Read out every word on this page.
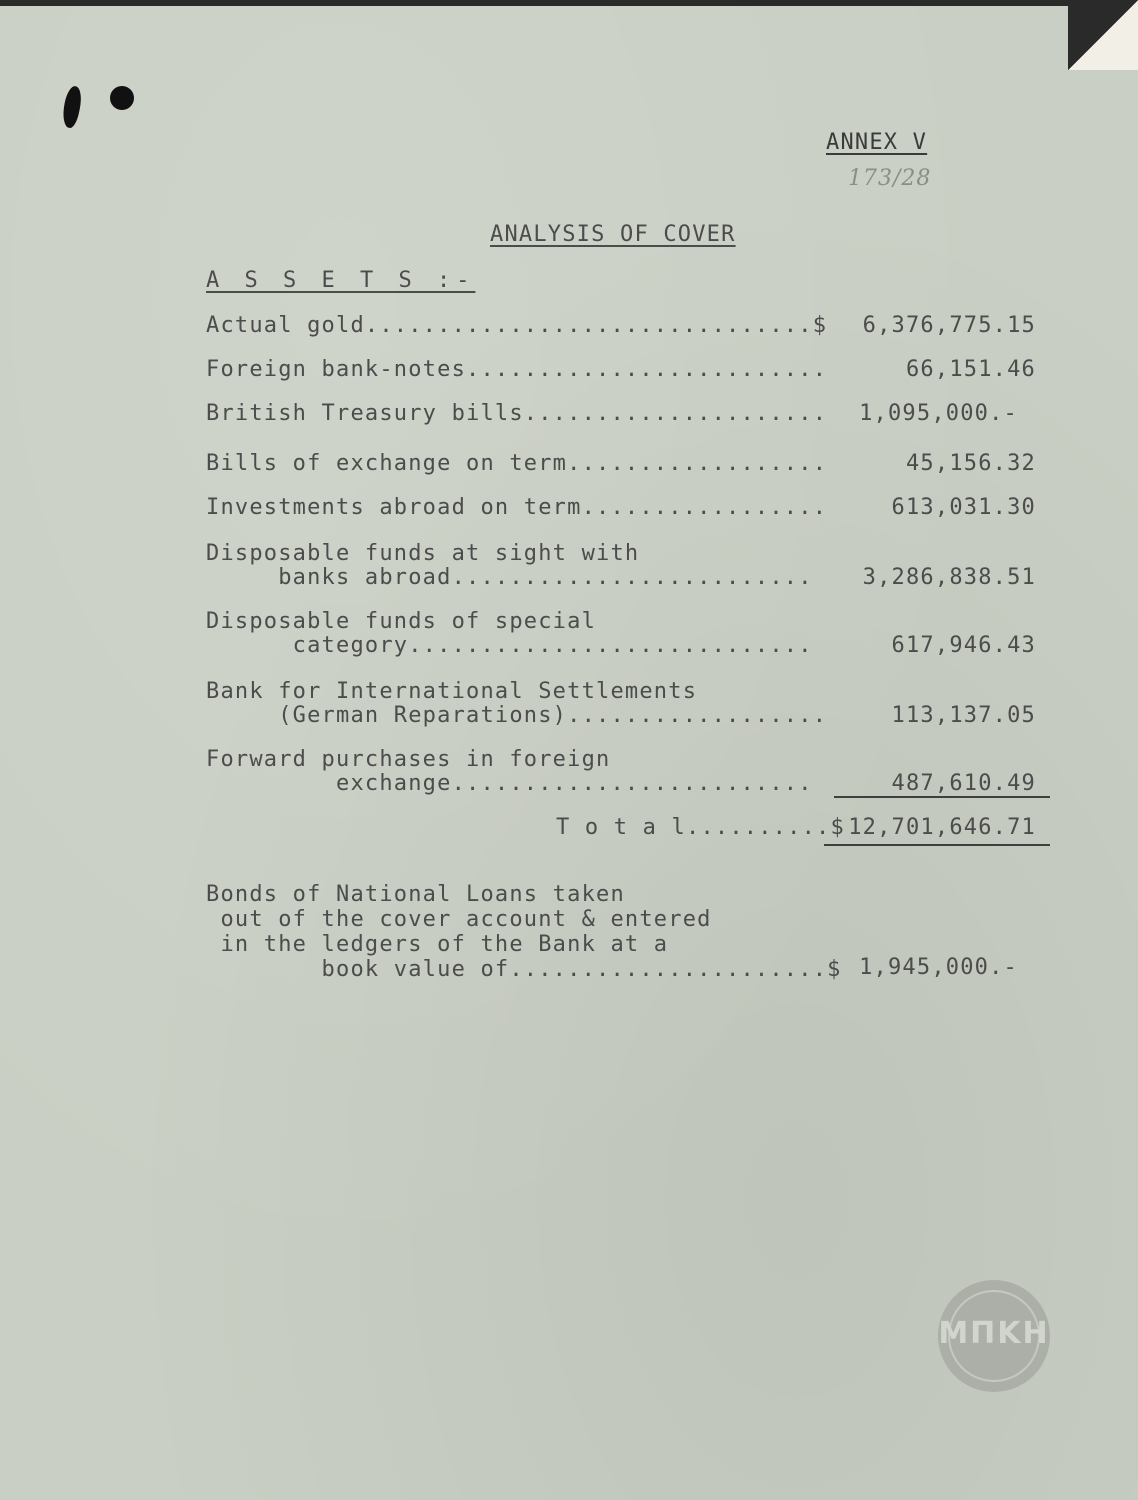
ANNEX V
173/28
ANALYSIS OF COVER
A S S E T S :-
Actual gold...............................$ 6,376,775.15
Foreign bank-notes.........................	66,151.46
British Treasury bills..................... 1,095,000.-
Bills of exchange on term..................	45,156.32
Investments abroad on term.................	613,031.30
Disposable funds at sight with
banks abroad......................... 3,286,838.51
Disposable funds of special
category............................	617,946.43
Bank for International Settlements
(German Reparations)..................	113,137.05
Forward purchases in foreign
exchange.........................	487,610.49
T o t a l..........$ 12,701,646.71
Bonds of National Loans taken
out of the cover account & entered
in the ledgers of the Bank at a
book value of......................$ 1,945,000.-
ΜΠΚΗ
